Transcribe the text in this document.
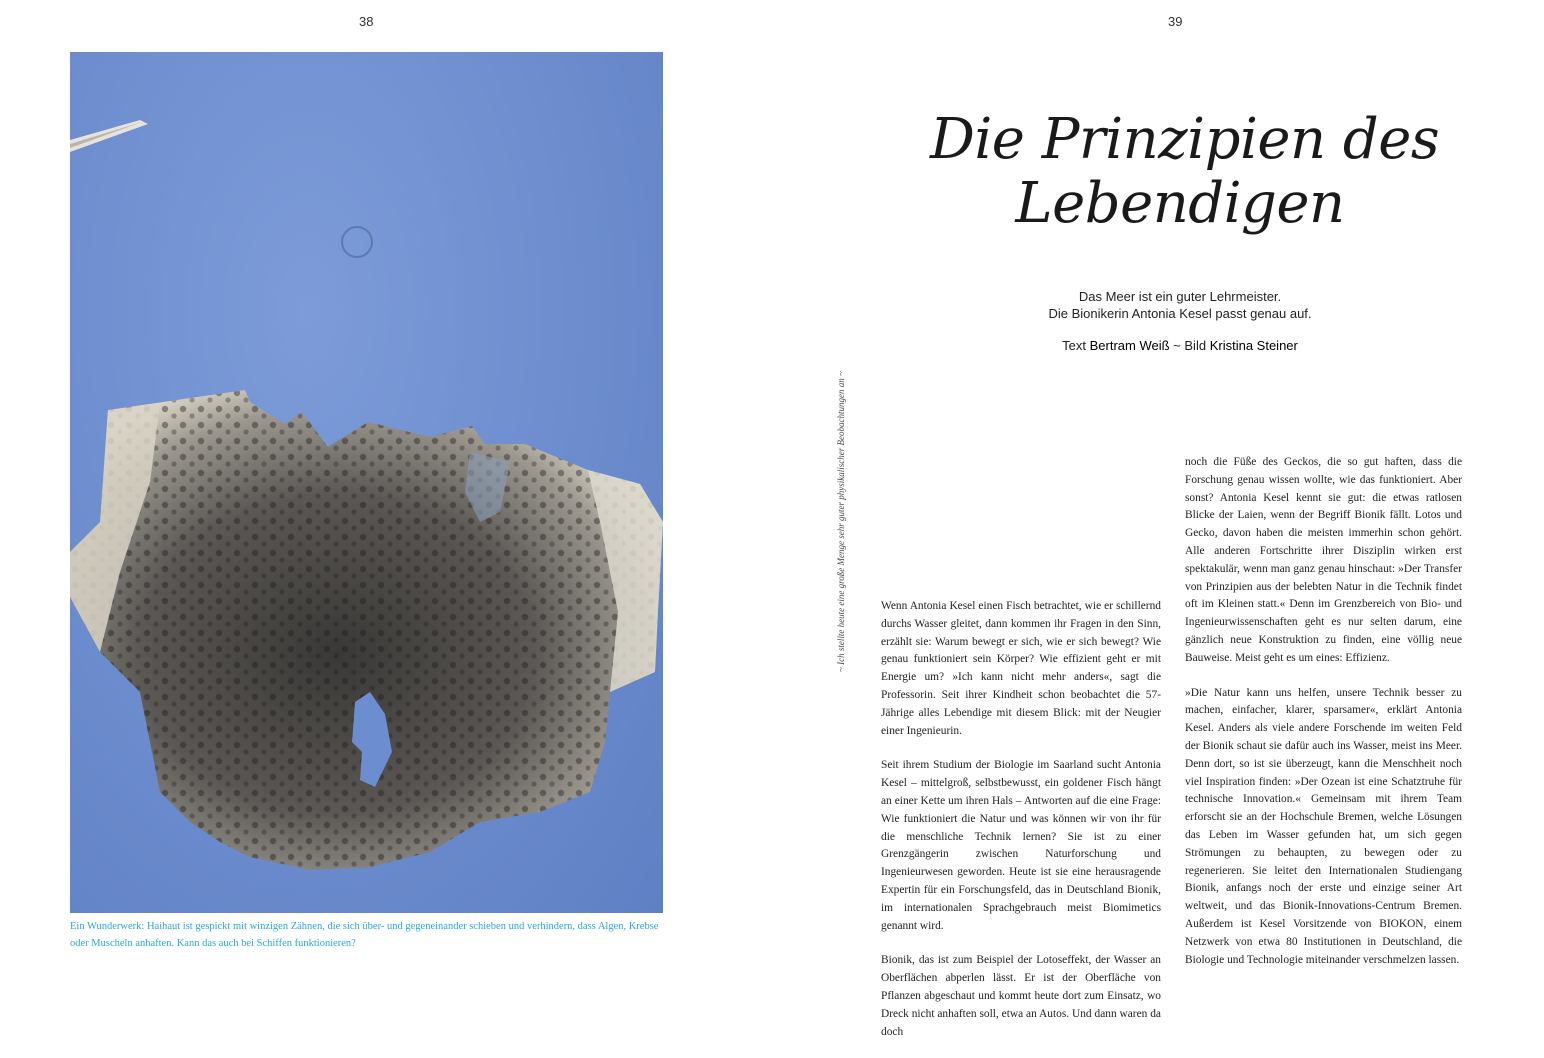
38	39
Ein Wunderwerk: Haihaut ist gespickt mit winzigen Zähnen, die sich über- und gegeneinander schieben und verhindern, dass Algen, Krebse oder Muscheln anhaften. Kann das auch bei Schiffen funktionieren?
~ Ich stellte heute eine große Menge sehr guter physikalischer Beobachtungen an ~
Die Prinzipien des
Lebendigen
Das Meer ist ein guter Lehrmeister.
Die Bionikerin Antonia Kesel passt genau auf.
Text Bertram Weiß ~ Bild Kristina Steiner

Wenn Antonia Kesel einen Fisch betrachtet, wie er schillernd durchs Wasser gleitet, dann kommen ihr Fragen in den Sinn, erzählt sie: Warum bewegt er sich, wie er sich bewegt? Wie genau funktioniert sein Körper? Wie effizient geht er mit Energie um? »Ich kann nicht mehr anders«, sagt die Professorin. Seit ihrer Kindheit schon beobachtet die 57-Jährige alles Lebendige mit diesem Blick: mit der Neugier einer Ingenieurin.

Seit ihrem Studium der Biologie im Saarland sucht Antonia Kesel – mittelgroß, selbstbewusst, ein goldener Fisch hängt an einer Kette um ihren Hals – Antworten auf die eine Frage: Wie funktioniert die Natur und was können wir von ihr für die menschliche Technik lernen? Sie ist zu einer Grenzgängerin zwischen Naturforschung und Ingenieurwesen geworden. Heute ist sie eine herausragende Expertin für ein Forschungsfeld, das in Deutschland Bionik, im internationalen Sprachgebrauch meist Biomimetics genannt wird.

Bionik, das ist zum Beispiel der Lotoseffekt, der Wasser an Oberflächen abperlen lässt. Er ist der Oberfläche von Pflanzen abgeschaut und kommt heute dort zum Einsatz, wo Dreck nicht anhaften soll, etwa an Autos. Und dann waren da doch

noch die Füße des Geckos, die so gut haften, dass die Forschung genau wissen wollte, wie das funktioniert. Aber sonst? Antonia Kesel kennt sie gut: die etwas ratlosen Blicke der Laien, wenn der Begriff Bionik fällt. Lotos und Gecko, davon haben die meisten immerhin schon gehört. Alle anderen Fortschritte ihrer Disziplin wirken erst spektakulär, wenn man ganz genau hinschaut: »Der Transfer von Prinzipien aus der belebten Natur in die Technik findet oft im Kleinen statt.« Denn im Grenzbereich von Bio- und Ingenieurwissenschaften geht es nur selten darum, eine gänzlich neue Konstruktion zu finden, eine völlig neue Bauweise. Meist geht es um eines: Effizienz.

»Die Natur kann uns helfen, unsere Technik besser zu machen, einfacher, klarer, sparsamer«, erklärt Antonia Kesel. Anders als viele andere Forschende im weiten Feld der Bionik schaut sie dafür auch ins Wasser, meist ins Meer. Denn dort, so ist sie überzeugt, kann die Menschheit noch viel Inspiration finden: »Der Ozean ist eine Schatztruhe für technische Innovation.« Gemeinsam mit ihrem Team erforscht sie an der Hochschule Bremen, welche Lösungen das Leben im Wasser gefunden hat, um sich gegen Strömungen zu behaupten, zu bewegen oder zu regenerieren. Sie leitet den Internationalen Studiengang Bionik, anfangs noch der erste und einzige seiner Art weltweit, und das Bionik-Innovations-Centrum Bremen. Außerdem ist Kesel Vorsitzende von BIOKON, einem Netzwerk von etwa 80 Institutionen in Deutschland, die Biologie und Technologie miteinander verschmelzen lassen.
